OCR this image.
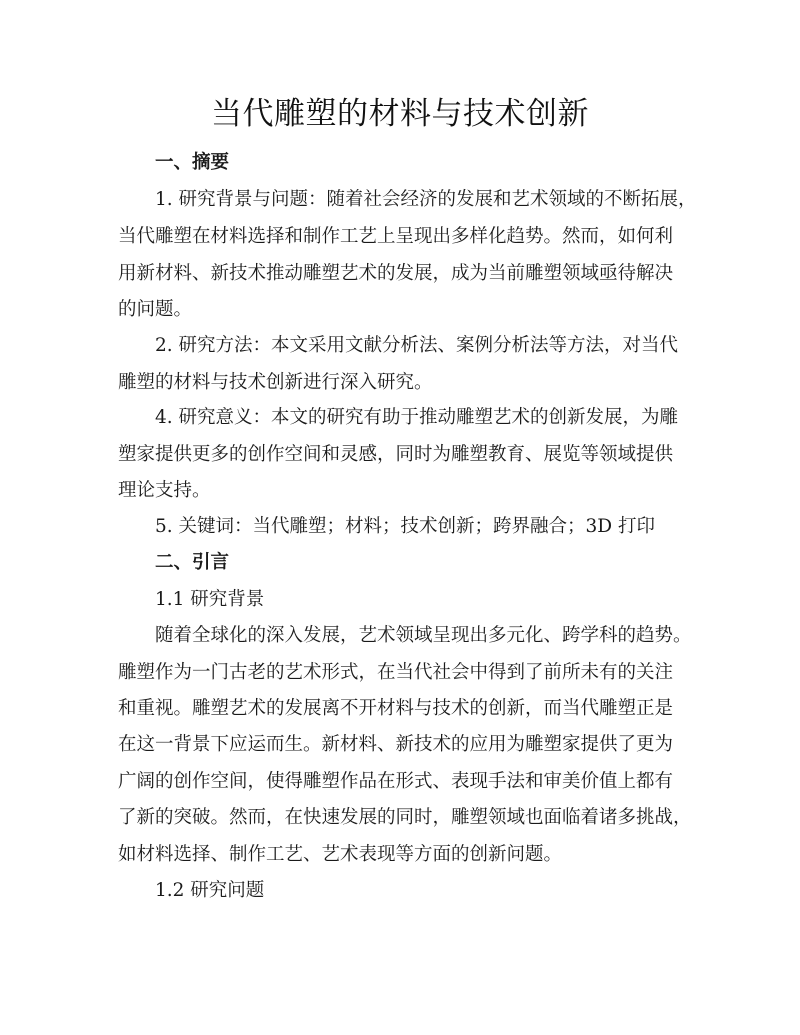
当代雕塑的材料与技术创新
一、摘要
1. 研究背景与问题：随着社会经济的发展和艺术领域的不断拓展，
当代雕塑在材料选择和制作工艺上呈现出多样化趋势。然而，如何利
用新材料、新技术推动雕塑艺术的发展，成为当前雕塑领域亟待解决
的问题。
2. 研究方法：本文采用文献分析法、案例分析法等方法，对当代
雕塑的材料与技术创新进行深入研究。
4. 研究意义：本文的研究有助于推动雕塑艺术的创新发展，为雕
塑家提供更多的创作空间和灵感，同时为雕塑教育、展览等领域提供
理论支持。
5. 关键词：当代雕塑；材料；技术创新；跨界融合；3D 打印
二、引言
1.1 研究背景
随着全球化的深入发展，艺术领域呈现出多元化、跨学科的趋势。
雕塑作为一门古老的艺术形式，在当代社会中得到了前所未有的关注
和重视。雕塑艺术的发展离不开材料与技术的创新，而当代雕塑正是
在这一背景下应运而生。新材料、新技术的应用为雕塑家提供了更为
广阔的创作空间，使得雕塑作品在形式、表现手法和审美价值上都有
了新的突破。然而，在快速发展的同时，雕塑领域也面临着诸多挑战，
如材料选择、制作工艺、艺术表现等方面的创新问题。
1.2 研究问题
